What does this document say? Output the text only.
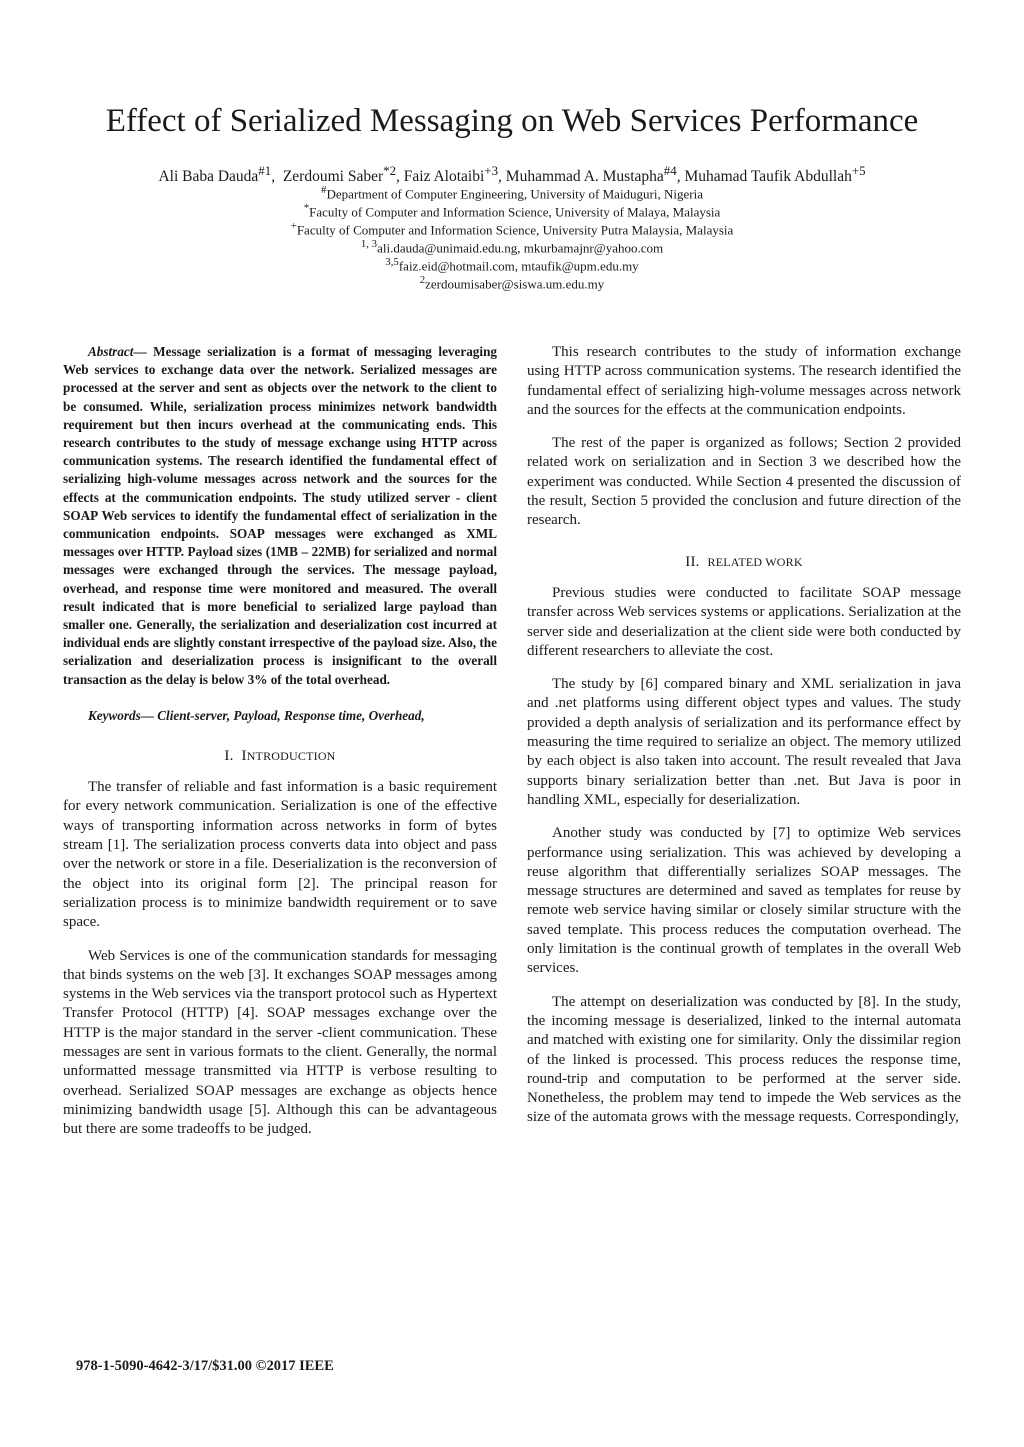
Effect of Serialized Messaging on Web Services Performance
Ali Baba Dauda$^{\#1}$,  Zerdoumi Saber$^{*2}$, Faiz Alotaibi$^{+3}$, Muhammad A. Mustapha$^{\#4}$, Muhamad Taufik Abdullah$^{+5}$
#Department of Computer Engineering, University of Maiduguri, Nigeria
*Faculty of Computer and Information Science, University of Malaya, Malaysia
+Faculty of Computer and Information Science, University Putra Malaysia, Malaysia
$^{1, 3}$ali.dauda@unimaid.edu.ng, mkurbamajnr@yahoo.com
$^{3,5}$faiz.eid@hotmail.com, mtaufik@upm.edu.my
$^2$zerdoumisaber@siswa.um.edu.my

Abstract— Message serialization is a format of messaging leveraging Web services to exchange data over the network. Serialized messages are processed at the server and sent as objects over the network to the client to be consumed. While, serialization process minimizes network bandwidth requirement but then incurs overhead at the communicating ends. This research contributes to the study of message exchange using HTTP across communication systems. The research identified the fundamental effect of serializing high-volume messages across network and the sources for the effects at the communication endpoints. The study utilized server - client SOAP Web services to identify the fundamental effect of serialization in the communication endpoints. SOAP messages were exchanged as XML messages over HTTP. Payload sizes (1MB – 22MB) for serialized and normal messages were exchanged through the services. The message payload, overhead, and response time were monitored and measured. The overall result indicated that is more beneficial to serialized large payload than smaller one. Generally, the serialization and deserialization cost incurred at individual ends are slightly constant irrespective of the payload size. Also, the serialization and deserialization process is insignificant to the overall transaction as the delay is below 3% of the total overhead.

Keywords— Client-server, Payload, Response time, Overhead,

I. INTRODUCTION

The transfer of reliable and fast information is a basic requirement for every network communication. Serialization is one of the effective ways of transporting information across networks in form of bytes stream [1]. The serialization process converts data into object and pass over the network or store in a file. Deserialization is the reconversion of the object into its original form [2]. The principal reason for serialization process is to minimize bandwidth requirement or to save space.

Web Services is one of the communication standards for messaging that binds systems on the web [3]. It exchanges SOAP messages among systems in the Web services via the transport protocol such as Hypertext Transfer Protocol (HTTP) [4]. SOAP messages exchange over the HTTP is the major standard in the server -client communication. These messages are sent in various formats to the client. Generally, the normal unformatted message transmitted via HTTP is verbose resulting to overhead. Serialized SOAP messages are exchange as objects hence minimizing bandwidth usage [5]. Although this can be advantageous but there are some tradeoffs to be judged.

This research contributes to the study of information exchange using HTTP across communication systems. The research identified the fundamental effect of serializing high-volume messages across network and the sources for the effects at the communication endpoints.

The rest of the paper is organized as follows; Section 2 provided related work on serialization and in Section 3 we described how the experiment was conducted. While Section 4 presented the discussion of the result, Section 5 provided the conclusion and future direction of the research.

II. RELATED WORK

Previous studies were conducted to facilitate SOAP message transfer across Web services systems or applications. Serialization at the server side and deserialization at the client side were both conducted by different researchers to alleviate the cost.

The study by [6] compared binary and XML serialization in java and .net platforms using different object types and values. The study provided a depth analysis of serialization and its performance effect by measuring the time required to serialize an object. The memory utilized by each object is also taken into account. The result revealed that Java supports binary serialization better than .net. But Java is poor in handling XML, especially for deserialization.

Another study was conducted by [7] to optimize Web services performance using serialization. This was achieved by developing a reuse algorithm that differentially serializes SOAP messages. The message structures are determined and saved as templates for reuse by remote web service having similar or closely similar structure with the saved template. This process reduces the computation overhead. The only limitation is the continual growth of templates in the overall Web services.

The attempt on deserialization was conducted by [8]. In the study, the incoming message is deserialized, linked to the internal automata and matched with existing one for similarity. Only the dissimilar region of the linked is processed. This process reduces the response time, round-trip and computation to be performed at the server side. Nonetheless, the problem may tend to impede the Web services as the size of the automata grows with the message requests. Correspondingly,

978-1-5090-4642-3/17/$31.00 ©2017 IEEE
